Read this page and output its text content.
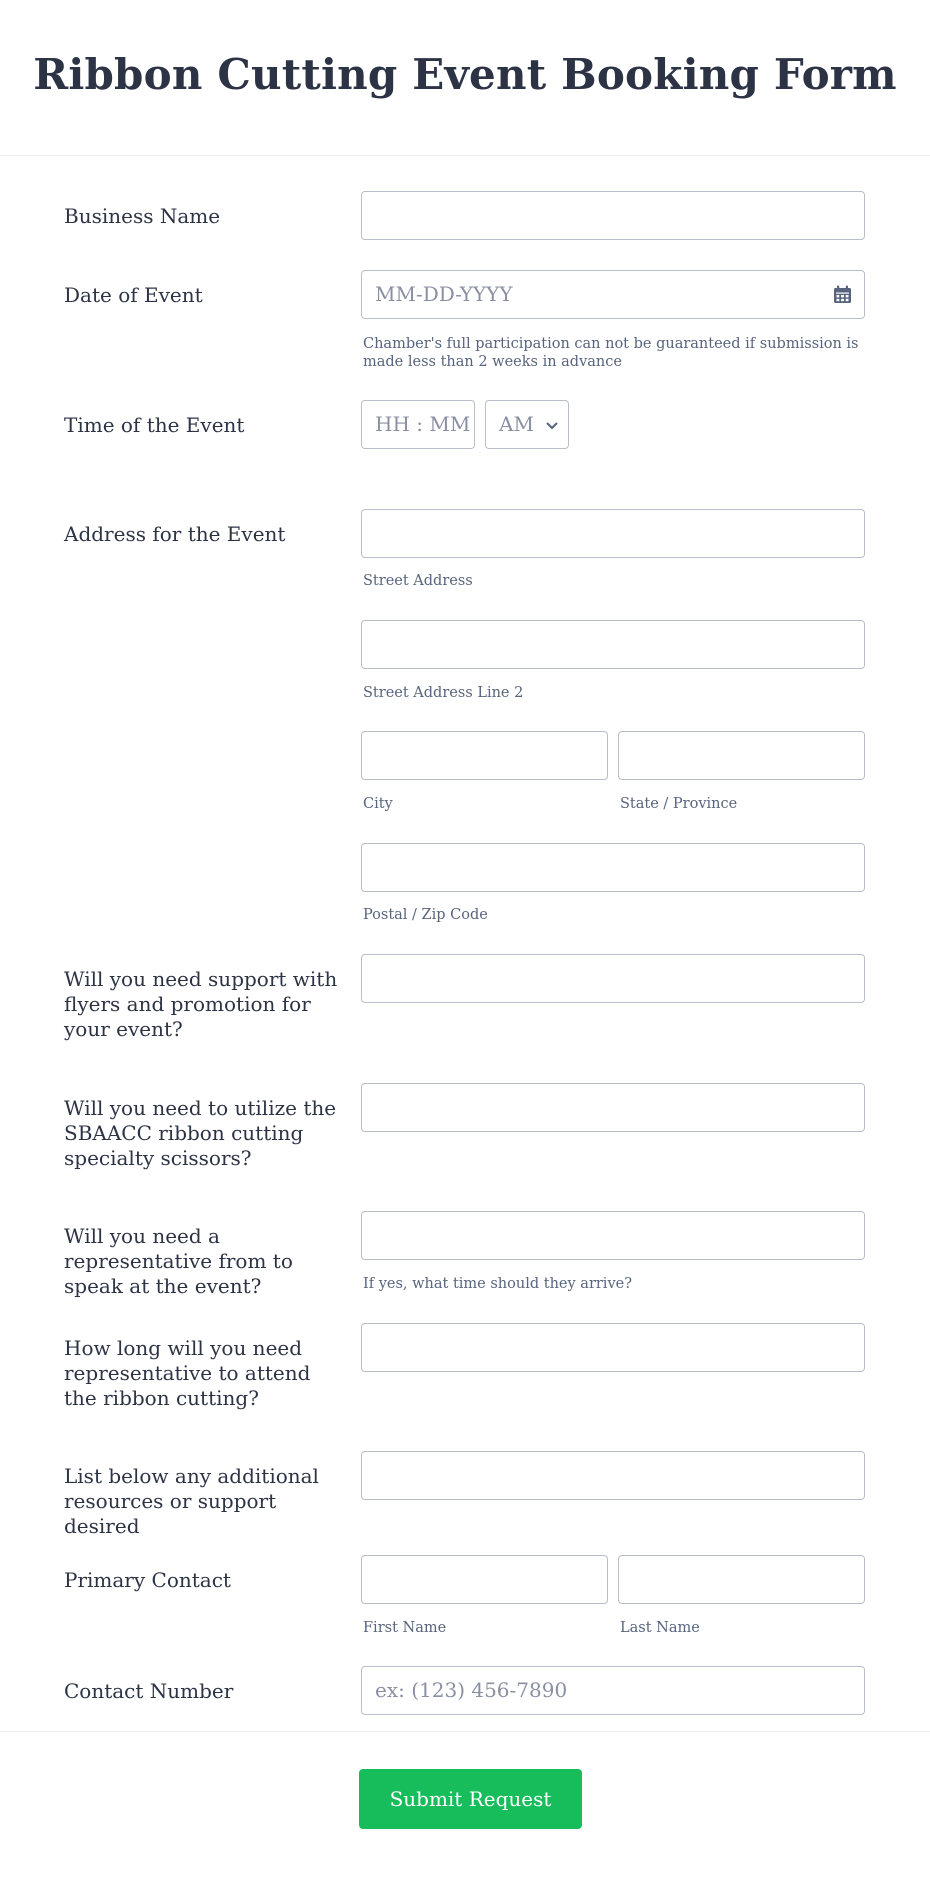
Ribbon Cutting Event Booking Form
Business Name
Date of Event	MM-DD-YYYY
Chamber's full participation can not be guaranteed if submission is made less than 2 weeks in advance
Time of the Event	HH : MM	AM
Address for the Event
Street Address
Street Address Line 2
City	State / Province
Postal / Zip Code
Will you need support with flyers and promotion for your event?
Will you need to utilize the SBAACC ribbon cutting specialty scissors?
Will you need a representative from to speak at the event?	If yes, what time should they arrive?
How long will you need representative to attend the ribbon cutting?
List below any additional resources or support desired
Primary Contact
First Name	Last Name
Contact Number	ex: (123) 456-7890
Submit Request
